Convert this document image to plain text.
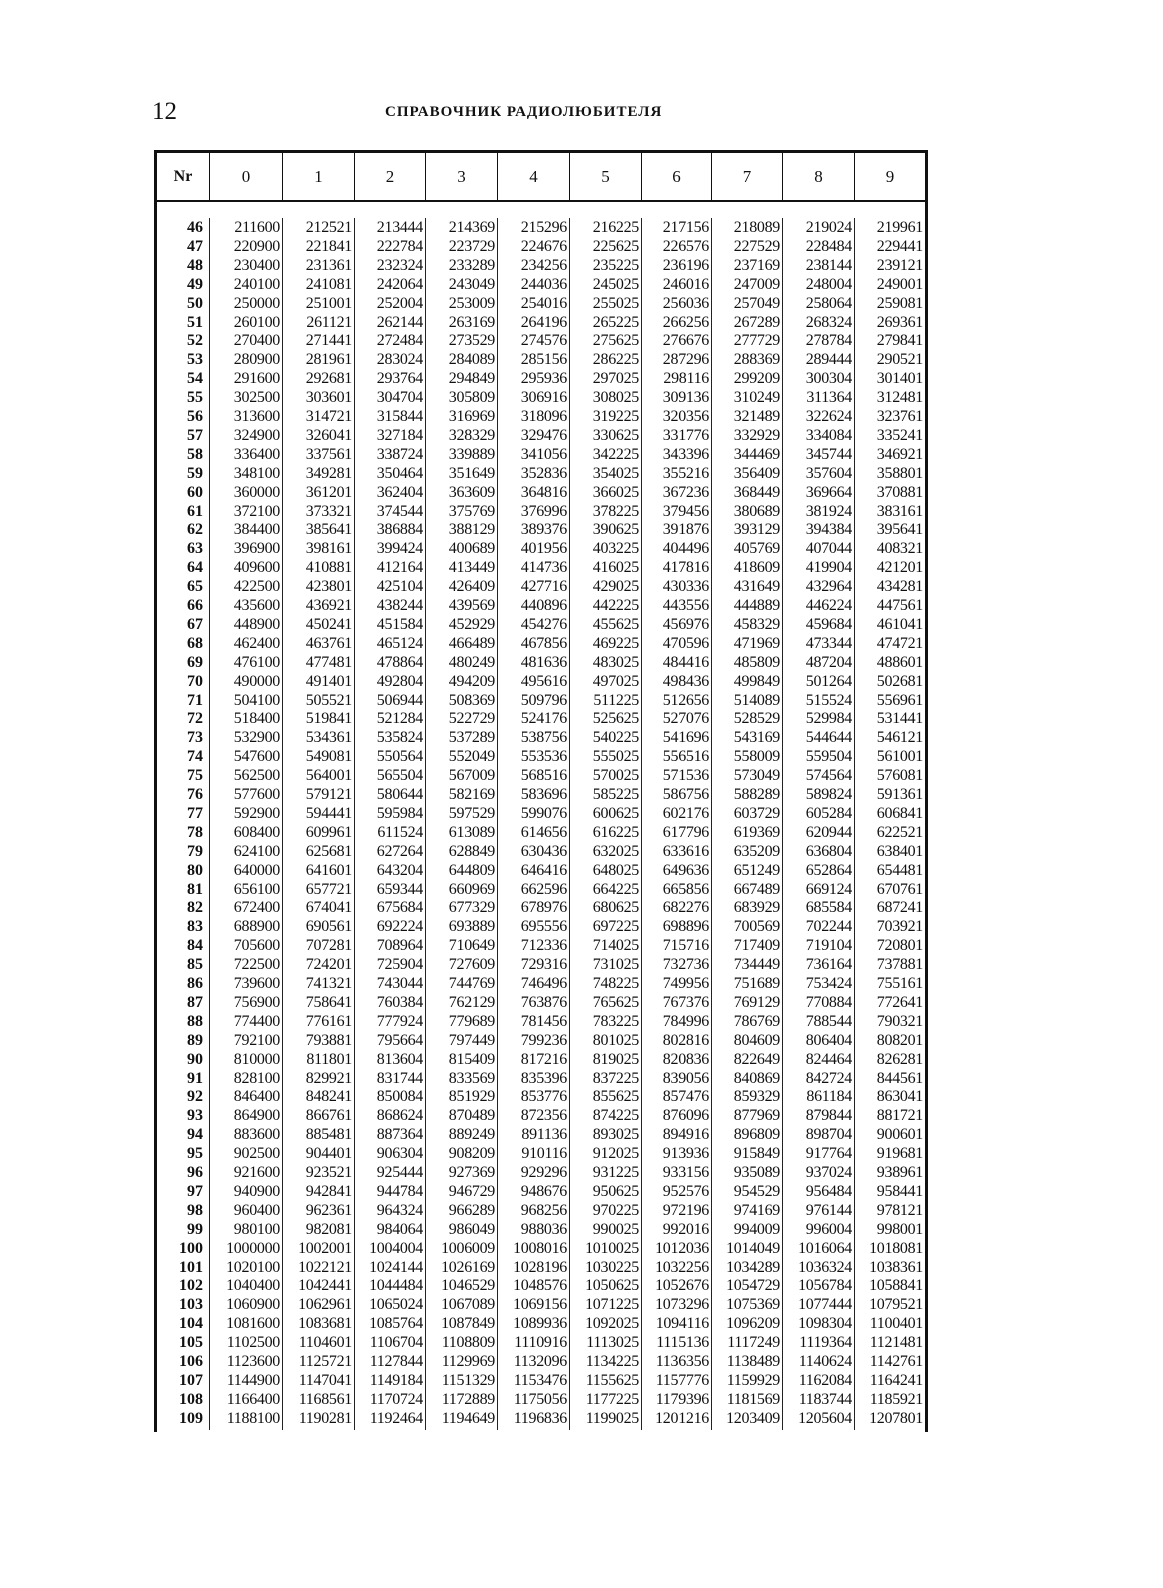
12	СПРАВОЧНИК РАДИОЛЮБИТЕЛЯ
Nr	0	1	2	3	4	5	6	7	8	9
46	211600	212521	213444	214369	215296	216225	217156	218089	219024	219961
47	220900	221841	222784	223729	224676	225625	226576	227529	228484	229441
48	230400	231361	232324	233289	234256	235225	236196	237169	238144	239121
49	240100	241081	242064	243049	244036	245025	246016	247009	248004	249001
50	250000	251001	252004	253009	254016	255025	256036	257049	258064	259081
51	260100	261121	262144	263169	264196	265225	266256	267289	268324	269361
52	270400	271441	272484	273529	274576	275625	276676	277729	278784	279841
53	280900	281961	283024	284089	285156	286225	287296	288369	289444	290521
54	291600	292681	293764	294849	295936	297025	298116	299209	300304	301401
55	302500	303601	304704	305809	306916	308025	309136	310249	311364	312481
56	313600	314721	315844	316969	318096	319225	320356	321489	322624	323761
57	324900	326041	327184	328329	329476	330625	331776	332929	334084	335241
58	336400	337561	338724	339889	341056	342225	343396	344469	345744	346921
59	348100	349281	350464	351649	352836	354025	355216	356409	357604	358801
60	360000	361201	362404	363609	364816	366025	367236	368449	369664	370881
61	372100	373321	374544	375769	376996	378225	379456	380689	381924	383161
62	384400	385641	386884	388129	389376	390625	391876	393129	394384	395641
63	396900	398161	399424	400689	401956	403225	404496	405769	407044	408321
64	409600	410881	412164	413449	414736	416025	417816	418609	419904	421201
65	422500	423801	425104	426409	427716	429025	430336	431649	432964	434281
66	435600	436921	438244	439569	440896	442225	443556	444889	446224	447561
67	448900	450241	451584	452929	454276	455625	456976	458329	459684	461041
68	462400	463761	465124	466489	467856	469225	470596	471969	473344	474721
69	476100	477481	478864	480249	481636	483025	484416	485809	487204	488601
70	490000	491401	492804	494209	495616	497025	498436	499849	501264	502681
71	504100	505521	506944	508369	509796	511225	512656	514089	515524	556961
72	518400	519841	521284	522729	524176	525625	527076	528529	529984	531441
73	532900	534361	535824	537289	538756	540225	541696	543169	544644	546121
74	547600	549081	550564	552049	553536	555025	556516	558009	559504	561001
75	562500	564001	565504	567009	568516	570025	571536	573049	574564	576081
76	577600	579121	580644	582169	583696	585225	586756	588289	589824	591361
77	592900	594441	595984	597529	599076	600625	602176	603729	605284	606841
78	608400	609961	611524	613089	614656	616225	617796	619369	620944	622521
79	624100	625681	627264	628849	630436	632025	633616	635209	636804	638401
80	640000	641601	643204	644809	646416	648025	649636	651249	652864	654481
81	656100	657721	659344	660969	662596	664225	665856	667489	669124	670761
82	672400	674041	675684	677329	678976	680625	682276	683929	685584	687241
83	688900	690561	692224	693889	695556	697225	698896	700569	702244	703921
84	705600	707281	708964	710649	712336	714025	715716	717409	719104	720801
85	722500	724201	725904	727609	729316	731025	732736	734449	736164	737881
86	739600	741321	743044	744769	746496	748225	749956	751689	753424	755161
87	756900	758641	760384	762129	763876	765625	767376	769129	770884	772641
88	774400	776161	777924	779689	781456	783225	784996	786769	788544	790321
89	792100	793881	795664	797449	799236	801025	802816	804609	806404	808201
90	810000	811801	813604	815409	817216	819025	820836	822649	824464	826281
91	828100	829921	831744	833569	835396	837225	839056	840869	842724	844561
92	846400	848241	850084	851929	853776	855625	857476	859329	861184	863041
93	864900	866761	868624	870489	872356	874225	876096	877969	879844	881721
94	883600	885481	887364	889249	891136	893025	894916	896809	898704	900601
95	902500	904401	906304	908209	910116	912025	913936	915849	917764	919681
96	921600	923521	925444	927369	929296	931225	933156	935089	937024	938961
97	940900	942841	944784	946729	948676	950625	952576	954529	956484	958441
98	960400	962361	964324	966289	968256	970225	972196	974169	976144	978121
99	980100	982081	984064	986049	988036	990025	992016	994009	996004	998001
100	1000000	1002001	1004004	1006009	1008016	1010025	1012036	1014049	1016064	1018081
101	1020100	1022121	1024144	1026169	1028196	1030225	1032256	1034289	1036324	1038361
102	1040400	1042441	1044484	1046529	1048576	1050625	1052676	1054729	1056784	1058841
103	1060900	1062961	1065024	1067089	1069156	1071225	1073296	1075369	1077444	1079521
104	1081600	1083681	1085764	1087849	1089936	1092025	1094116	1096209	1098304	1100401
105	1102500	1104601	1106704	1108809	1110916	1113025	1115136	1117249	1119364	1121481
106	1123600	1125721	1127844	1129969	1132096	1134225	1136356	1138489	1140624	1142761
107	1144900	1147041	1149184	1151329	1153476	1155625	1157776	1159929	1162084	1164241
108	1166400	1168561	1170724	1172889	1175056	1177225	1179396	1181569	1183744	1185921
109	1188100	1190281	1192464	1194649	1196836	1199025	1201216	1203409	1205604	1207801
